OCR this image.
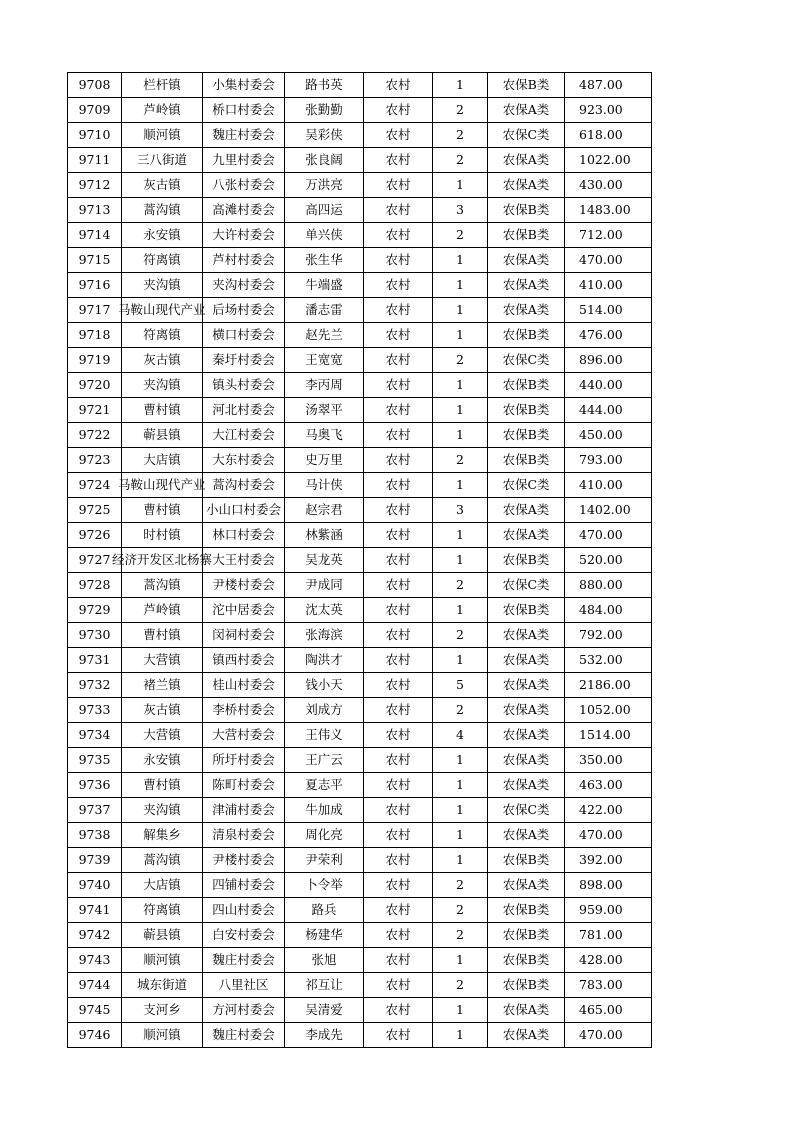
9708	栏杆镇	小集村委会	路书英	农村	1	农保B类	487.00
9709	芦岭镇	桥口村委会	张勤勤	农村	2	农保A类	923.00
9710	顺河镇	魏庄村委会	吴彩侠	农村	2	农保C类	618.00
9711	三八街道	九里村委会	张良阔	农村	2	农保A类	1022.00
9712	灰古镇	八张村委会	万洪亮	农村	1	农保A类	430.00
9713	蒿沟镇	高滩村委会	高四运	农村	3	农保B类	1483.00
9714	永安镇	大许村委会	单兴侠	农村	2	农保B类	712.00
9715	符离镇	芦村村委会	张生华	农村	1	农保A类	470.00
9716	夹沟镇	夹沟村委会	牛端盛	农村	1	农保A类	410.00
9717	马鞍山现代产业	后场村委会	潘志雷	农村	1	农保A类	514.00
9718	符离镇	横口村委会	赵先兰	农村	1	农保B类	476.00
9719	灰古镇	秦圩村委会	王宽宽	农村	2	农保C类	896.00
9720	夹沟镇	镇头村委会	李丙周	农村	1	农保B类	440.00
9721	曹村镇	河北村委会	汤翠平	农村	1	农保B类	444.00
9722	蕲县镇	大江村委会	马奥飞	农村	1	农保B类	450.00
9723	大店镇	大东村委会	史万里	农村	2	农保B类	793.00
9724	马鞍山现代产业	蒿沟村委会	马计侠	农村	1	农保C类	410.00
9725	曹村镇	小山口村委会	赵宗君	农村	3	农保A类	1402.00
9726	时村镇	林口村委会	林紫涵	农村	1	农保A类	470.00
9727	经济开发区北杨寨	大王村委会	吴龙英	农村	1	农保B类	520.00
9728	蒿沟镇	尹楼村委会	尹成同	农村	2	农保C类	880.00
9729	芦岭镇	沱中居委会	沈太英	农村	1	农保B类	484.00
9730	曹村镇	闵祠村委会	张海滨	农村	2	农保A类	792.00
9731	大营镇	镇西村委会	陶洪才	农村	1	农保A类	532.00
9732	褚兰镇	桂山村委会	钱小天	农村	5	农保A类	2186.00
9733	灰古镇	李桥村委会	刘成方	农村	2	农保A类	1052.00
9734	大营镇	大营村委会	王伟义	农村	4	农保A类	1514.00
9735	永安镇	所圩村委会	王广云	农村	1	农保A类	350.00
9736	曹村镇	陈町村委会	夏志平	农村	1	农保A类	463.00
9737	夹沟镇	津浦村委会	牛加成	农村	1	农保C类	422.00
9738	解集乡	清泉村委会	周化亮	农村	1	农保A类	470.00
9739	蒿沟镇	尹楼村委会	尹荣利	农村	1	农保B类	392.00
9740	大店镇	四铺村委会	卜令举	农村	2	农保A类	898.00
9741	符离镇	四山村委会	路兵	农村	2	农保B类	959.00
9742	蕲县镇	白安村委会	杨建华	农村	2	农保B类	781.00
9743	顺河镇	魏庄村委会	张旭	农村	1	农保B类	428.00
9744	城东街道	八里社区	祁互让	农村	2	农保B类	783.00
9745	支河乡	方河村委会	吴清爱	农村	1	农保A类	465.00
9746	顺河镇	魏庄村委会	李成先	农村	1	农保A类	470.00
